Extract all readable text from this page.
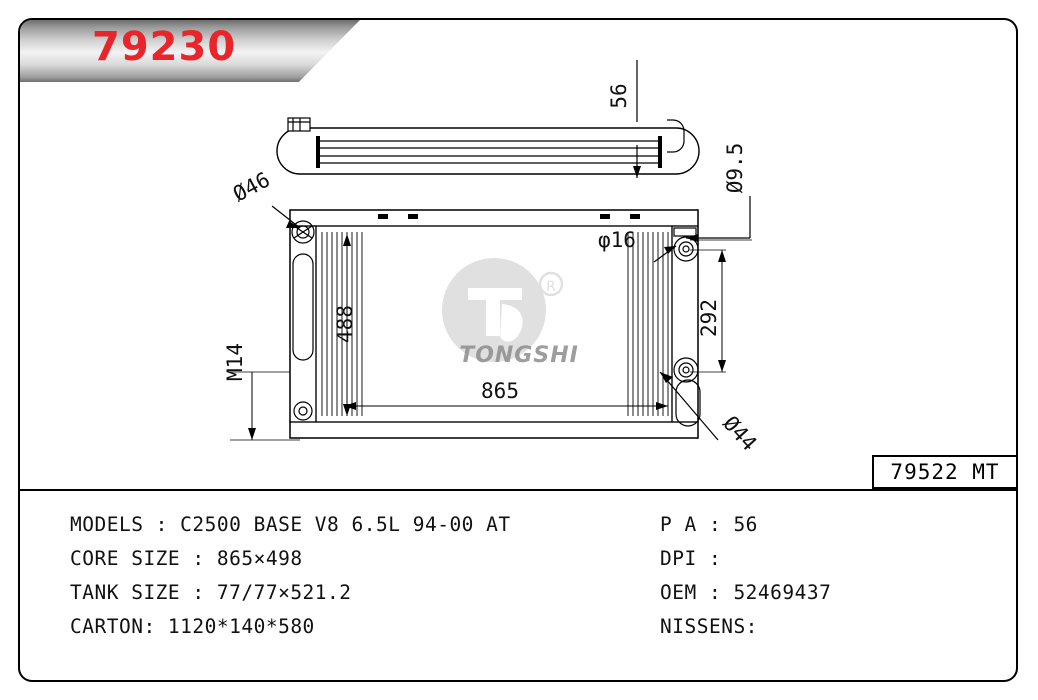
79230
56
Ø9.5
Ø46
488
865
M14
φ16
292
Ø44
R
TONGSHI
79522 MT
MODELS : C2500 BASE V8 6.5L 94-00 AT	P A : 56
CORE SIZE : 865×498	DPI :
TANK SIZE : 77/77×521.2	OEM : 52469437
CARTON: 1120*140*580	NISSENS:
